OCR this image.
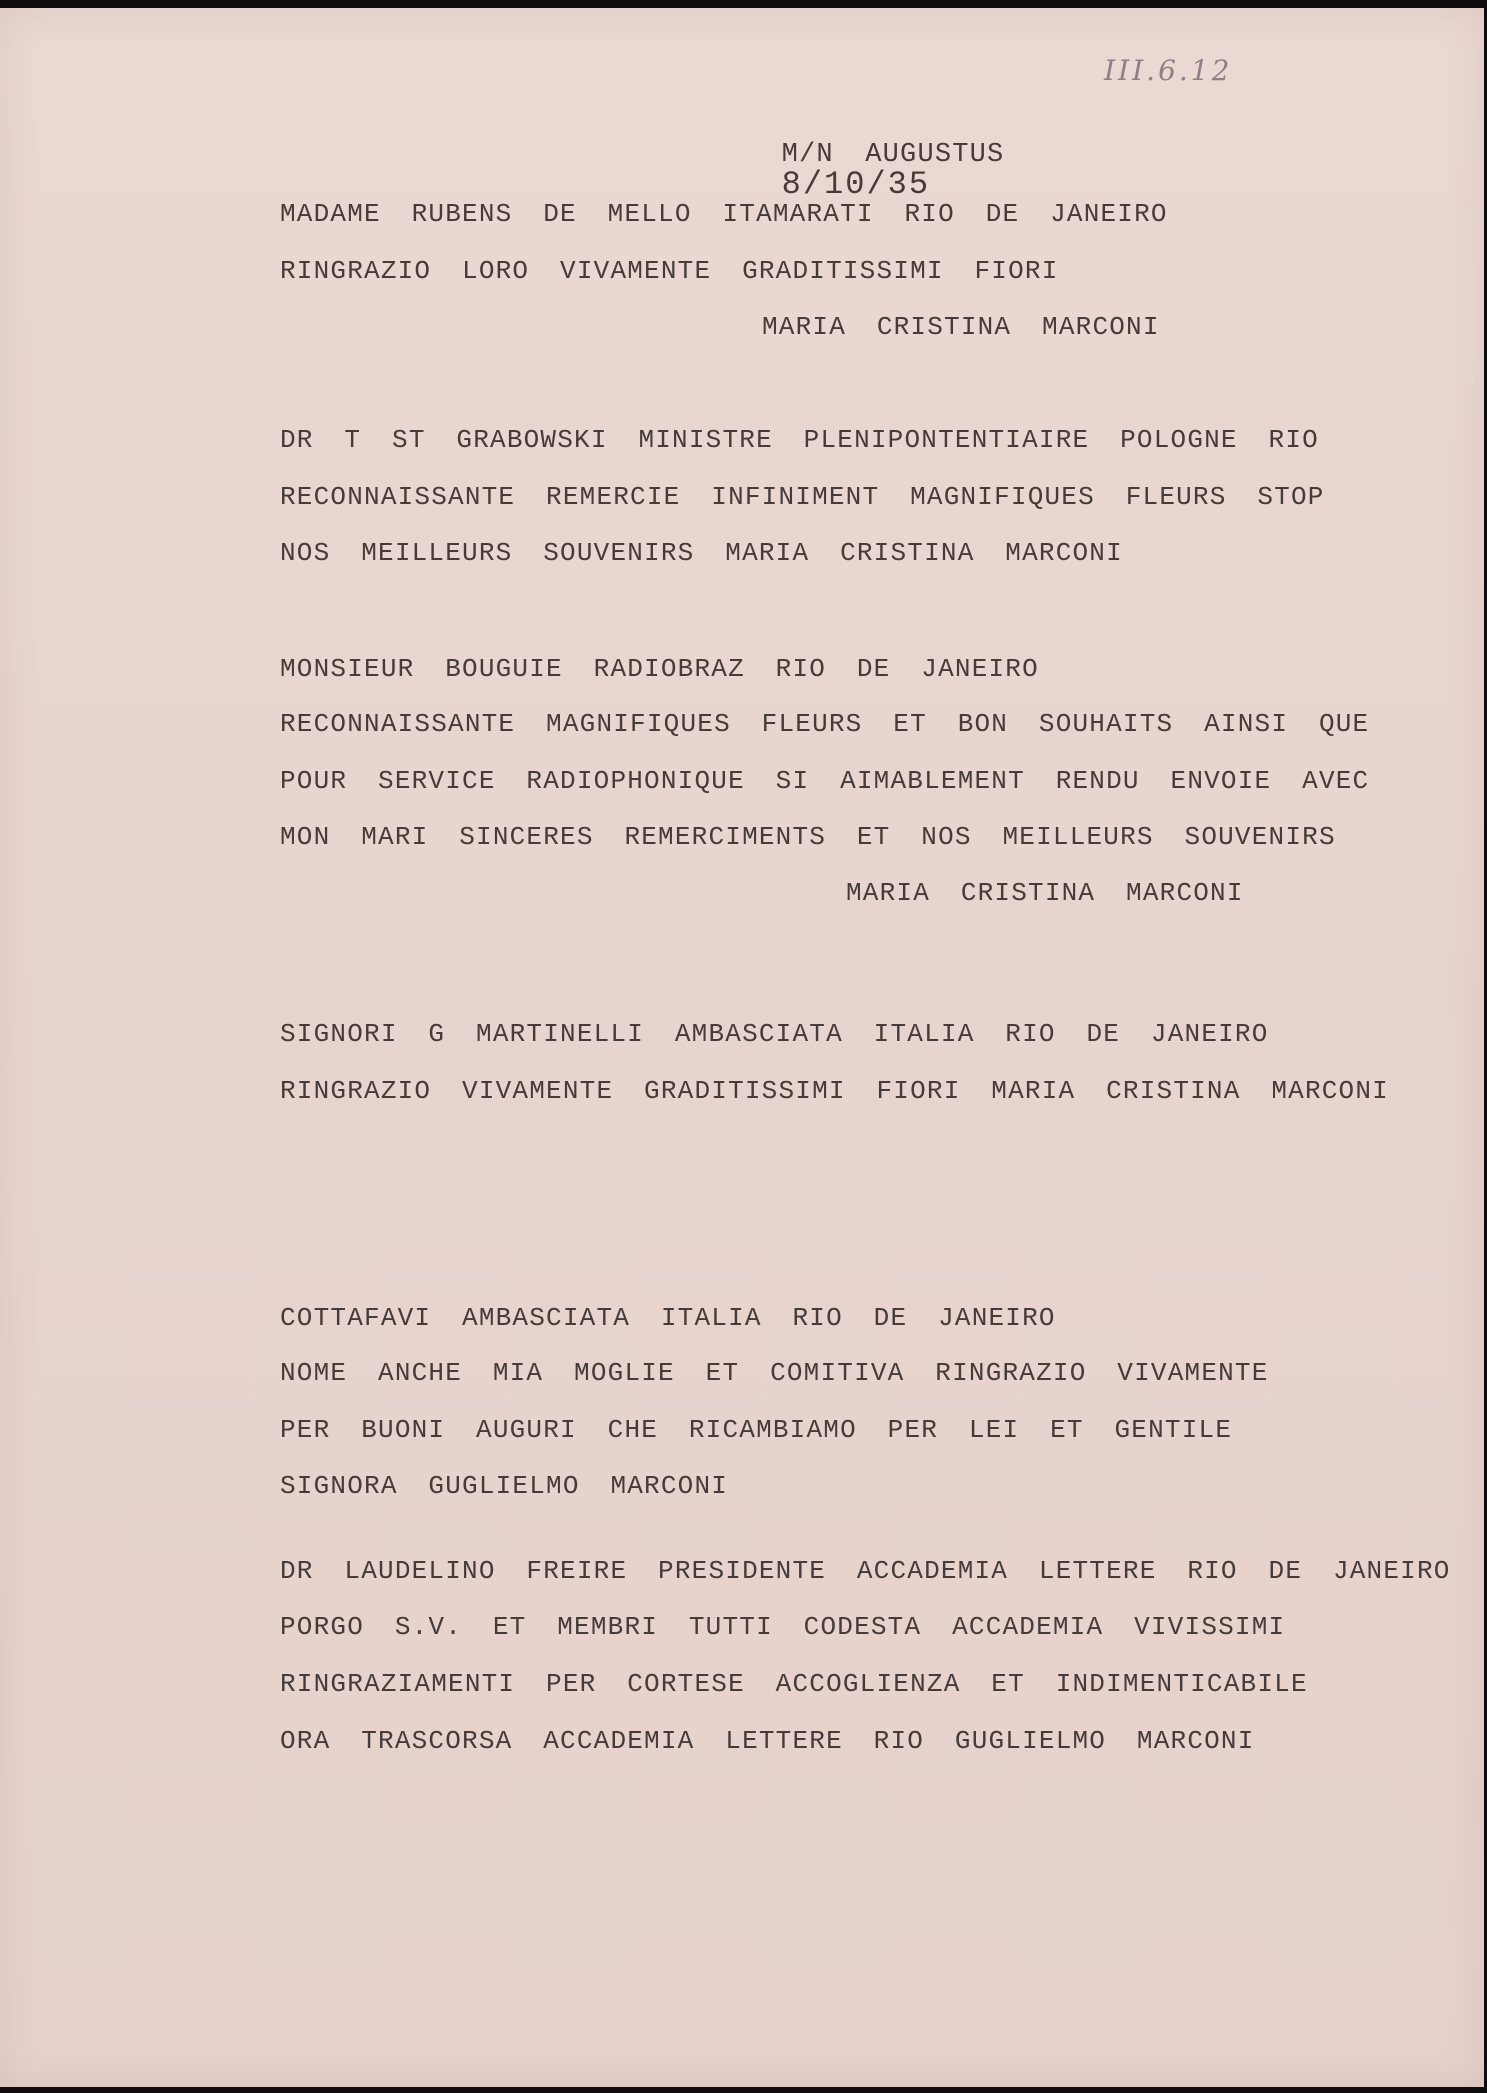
III.6.12

M/N AUGUSTUS
8/10/35

MADAME RUBENS DE MELLO ITAMARATI RIO DE JANEIRO
RINGRAZIO LORO VIVAMENTE GRADITISSIMI FIORI
MARIA CRISTINA MARCONI
DR T ST GRABOWSKI MINISTRE PLENIPONTENTIAIRE POLOGNE RIO
RECONNAISSANTE REMERCIE INFINIMENT MAGNIFIQUES FLEURS STOP
NOS MEILLEURS SOUVENIRS MARIA CRISTINA MARCONI
MONSIEUR BOUGUIE RADIOBRAZ RIO DE JANEIRO
RECONNAISSANTE MAGNIFIQUES FLEURS ET BON SOUHAITS AINSI QUE
POUR SERVICE RADIOPHONIQUE SI AIMABLEMENT RENDU ENVOIE AVEC
MON MARI SINCERES REMERCIMENTS ET NOS MEILLEURS SOUVENIRS
MARIA CRISTINA MARCONI
SIGNORI G MARTINELLI AMBASCIATA ITALIA RIO DE JANEIRO
RINGRAZIO VIVAMENTE GRADITISSIMI FIORI MARIA CRISTINA MARCONI
COTTAFAVI AMBASCIATA ITALIA RIO DE JANEIRO
NOME ANCHE MIA MOGLIE ET COMITIVA RINGRAZIO VIVAMENTE
PER BUONI AUGURI CHE RICAMBIAMO PER LEI ET GENTILE
SIGNORA GUGLIELMO MARCONI
DR LAUDELINO FREIRE PRESIDENTE ACCADEMIA LETTERE RIO DE JANEIRO
PORGO S.V. ET MEMBRI TUTTI CODESTA ACCADEMIA VIVISSIMI
RINGRAZIAMENTI PER CORTESE ACCOGLIENZA ET INDIMENTICABILE
ORA TRASCORSA ACCADEMIA LETTERE RIO GUGLIELMO MARCONI
